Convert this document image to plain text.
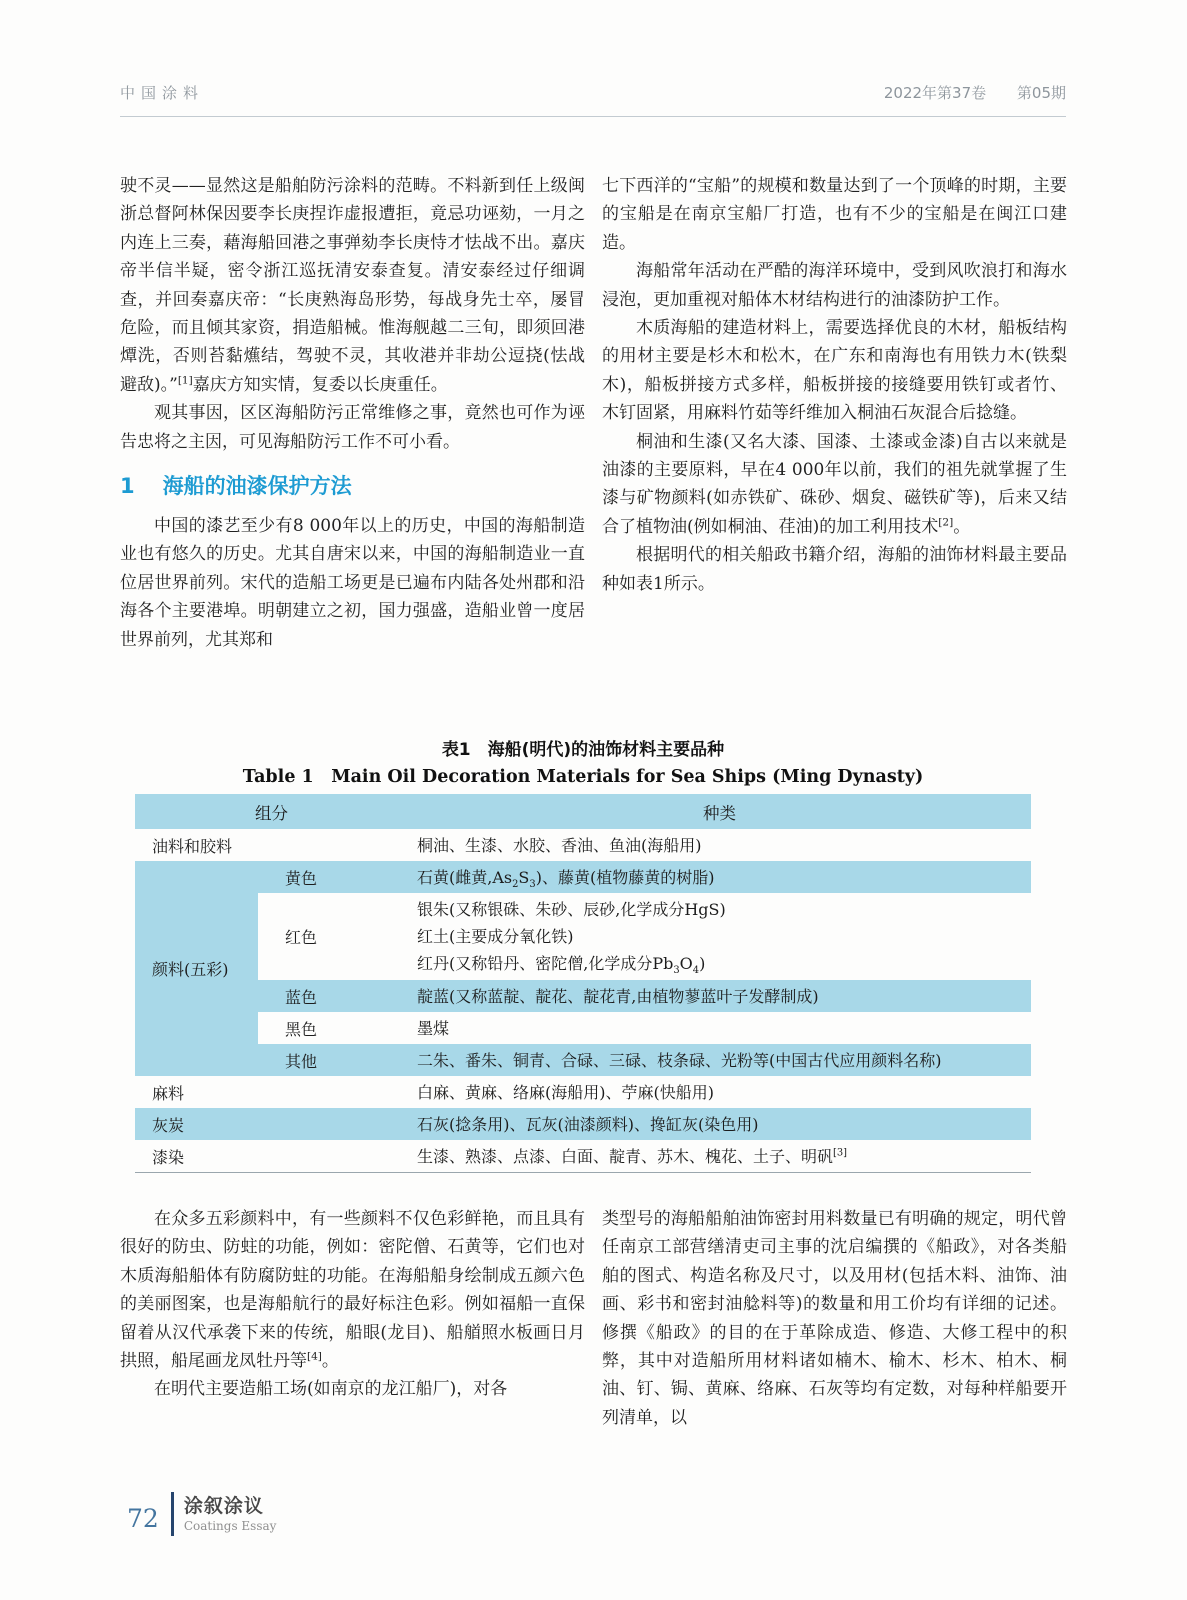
中国涂料	2022年第37卷 第05期
驶不灵——显然这是船舶防污涂料的范畴。不料新到任上级闽浙总督阿林保因要李长庚捏诈虚报遭拒，竟忌功诬劾，一月之内连上三奏，藉海船回港之事弹劾李长庚恃才怯战不出。嘉庆帝半信半疑，密令浙江巡抚清安泰查复。清安泰经过仔细调查，并回奏嘉庆帝：“长庚熟海岛形势，每战身先士卒，屡冒危险，而且倾其家资，捐造船械。惟海舰越二三旬，即须回港燂洗，否则苔黏爑结，驾驶不灵，其收港并非劫公逗挠(怯战避敌)。”[1]嘉庆方知实情，复委以长庚重任。
观其事因，区区海船防污正常维修之事，竟然也可作为诬告忠将之主因，可见海船防污工作不可小看。
1 海船的油漆保护方法
中国的漆艺至少有8 000年以上的历史，中国的海船制造业也有悠久的历史。尤其自唐宋以来，中国的海船制造业一直位居世界前列。宋代的造船工场更是已遍布内陆各处州郡和沿海各个主要港埠。明朝建立之初，国力强盛，造船业曾一度居世界前列，尤其郑和
七下西洋的“宝船”的规模和数量达到了一个顶峰的时期，主要的宝船是在南京宝船厂打造，也有不少的宝船是在闽江口建造。
海船常年活动在严酷的海洋环境中，受到风吹浪打和海水浸泡，更加重视对船体木材结构进行的油漆防护工作。
木质海船的建造材料上，需要选择优良的木材，船板结构的用材主要是杉木和松木，在广东和南海也有用铁力木(铁梨木)，船板拼接方式多样，船板拼接的接缝要用铁钉或者竹、木钉固紧，用麻料竹茹等纤维加入桐油石灰混合后捻缝。
桐油和生漆(又名大漆、国漆、土漆或金漆)自古以来就是油漆的主要原料，早在4 000年以前，我们的祖先就掌握了生漆与矿物颜料(如赤铁矿、硃砂、烟炱、磁铁矿等)，后来又结合了植物油(例如桐油、荏油)的加工利用技术[2]。
根据明代的相关船政书籍介绍，海船的油饰材料最主要品种如表1所示。
表1　海船(明代)的油饰材料主要品种
Table 1　Main Oil Decoration Materials for Sea Ships (Ming Dynasty)
组分		种类
油料和胶料		桐油、生漆、水胶、香油、鱼油(海船用)

颜料(五彩)	黄色	石黄(雌黄$,As_2S_3$)、藤黄(植物藤黄的树脂)

	红色	银朱(又称银硃、朱砂、辰砂,化学成分HgS)
红土(主要成分氧化铁)
红丹(又称铅丹、密陀僧,化学成分$Pb_3O_4$)

	蓝色	靛蓝(又称蓝靛、靛花、靛花青,由植物蓼蓝叶子发酵制成)

	黑色	墨煤

	其他	二朱、番朱、铜青、合碌、三碌、枝条碌、光粉等(中国古代应用颜料名称)

麻料		白麻、黄麻、络麻(海船用)、苧麻(快船用)

灰炭		石灰(捻条用)、瓦灰(油漆颜料)、搀缸灰(染色用)

漆染		生漆、熟漆、点漆、白面、靛青、苏木、槐花、土子、明矾[3]
在众多五彩颜料中，有一些颜料不仅色彩鲜艳，而且具有很好的防虫、防蛀的功能，例如：密陀僧、石黄等，它们也对木质海船船体有防腐防蛀的功能。在海船船身绘制成五颜六色的美丽图案，也是海船航行的最好标注色彩。例如福船一直保留着从汉代承袭下来的传统，船眼(龙目)、船艏照水板画日月拱照，船尾画龙凤牡丹等[4]。
在明代主要造船工场(如南京的龙江船厂)，对各
类型号的海船船舶油饰密封用料数量已有明确的规定，明代曾任南京工部营缮清吏司主事的沈启编撰的《船政》，对各类船舶的图式、构造名称及尺寸，以及用材(包括木料、油饰、油画、彩书和密封油艌料等)的数量和用工价均有详细的记述。修撰《船政》的目的在于革除成造、修造、大修工程中的积弊，其中对造船所用材料诸如楠木、榆木、杉木、柏木、桐油、钉、锔、黄麻、络麻、石灰等均有定数，对每种样船要开列清单，以
72 涂叙涂议
Coatings Essay
